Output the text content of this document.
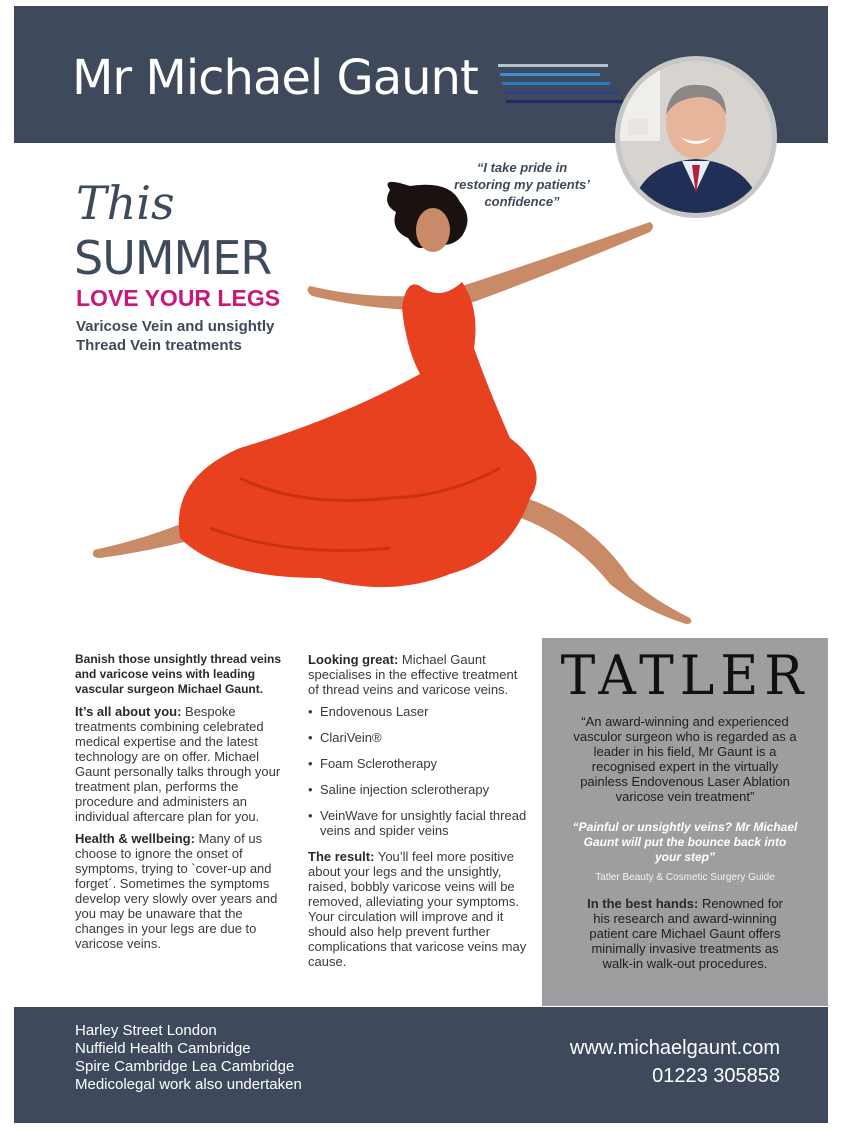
Mr Michael Gaunt
“I take pride in restoring my patients’ confidence”
This
SUMMER
LOVE YOUR LEGS
Varicose Vein and unsightly Thread Vein treatments

Banish those unsightly thread veins and varicose veins with leading vascular surgeon Michael Gaunt.

It’s all about you: Bespoke treatments combining celebrated medical expertise and the latest technology are on offer. Michael Gaunt personally talks through your treatment plan, performs the procedure and administers an individual aftercare plan for you.

Health & wellbeing: Many of us choose to ignore the onset of symptoms, trying to `cover-up and forget´. Sometimes the symptoms develop very slowly over years and you may be unaware that the changes in your legs are due to varicose veins.

Looking great: Michael Gaunt specialises in the effective treatment of thread veins and varicose veins.

• Endovenous Laser
• ClariVein®
• Foam Sclerotherapy
• Saline injection sclerotherapy
• VeinWave for unsightly facial thread veins and spider veins

The result: You’ll feel more positive about your legs and the unsightly, raised, bobbly varicose veins will be removed, alleviating your symptoms. Your circulation will improve and it should also help prevent further complications that varicose veins may cause.

TATLER
“An award-winning and experienced vasculor surgeon who is regarded as a leader in his field, Mr Gaunt is a recognised expert in the virtually painless Endovenous Laser Ablation varicose vein treatment”
“Painful or unsightly veins? Mr Michael Gaunt will put the bounce back into your step”
Tatler Beauty & Cosmetic Surgery Guide
In the best hands: Renowned for his research and award-winning patient care Michael Gaunt offers minimally invasive treatments as walk-in walk-out procedures.
Harley Street London
Nuffield Health Cambridge
Spire Cambridge Lea Cambridge
Medicolegal work also undertaken
www.michaelgaunt.com
01223 305858
